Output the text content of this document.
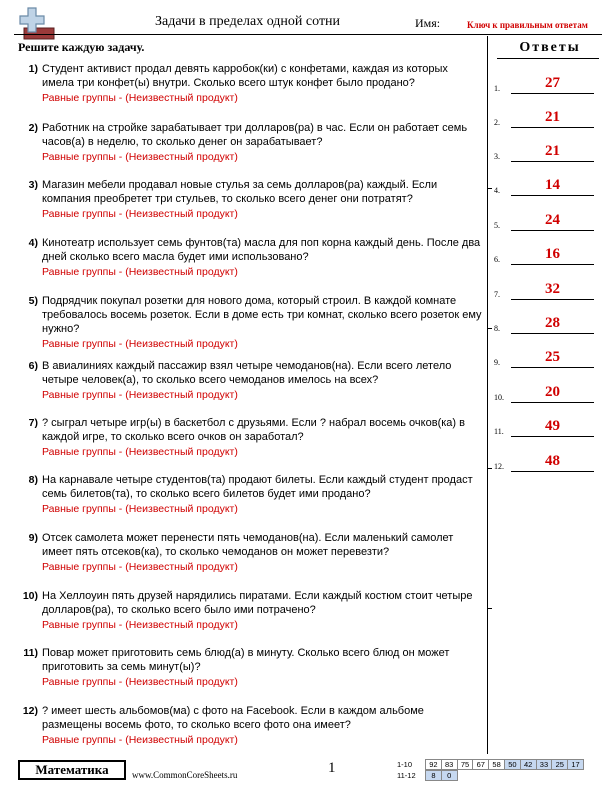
Задачи в пределах одной сотни	Имя:	Ключ к правильным ответам
Решите каждую задачу.
1) Студент активист продал девять карробок(ки) с конфетами, каждая из которых имела три конфет(ы) внутри. Сколько всего штук конфет было продано?
Равные группы - (Неизвестный продукт)
2) Работник на стройке зарабатывает три долларов(ра) в час. Если он работает семь часов(а) в неделю, то сколько денег он зарабатывает?
Равные группы - (Неизвестный продукт)
3) Магазин мебели продавал новые стулья за семь долларов(ра) каждый. Если компания преобретет три стульев, то сколько всего денег они потратят?
Равные группы - (Неизвестный продукт)
4) Кинотеатр использует семь фунтов(та) масла для поп корна каждый день. После два дней сколько всего масла будет ими использовано?
Равные группы - (Неизвестный продукт)
5) Подрядчик покупал розетки для нового дома, который строил. В каждой комнате требовалось восемь розеток. Если в доме есть три комнат, сколько всего розеток ему нужно?
Равные группы - (Неизвестный продукт)
6) В авиалиниях каждый пассажир взял четыре чемоданов(на). Если всего летело четыре человек(а), то сколько всего чемоданов имелось на всех?
Равные группы - (Неизвестный продукт)
7) ? сыграл четыре игр(ы) в баскетбол с друзьями. Если ? набрал восемь очков(ка) в каждой игре, то сколько всего очков он заработал?
Равные группы - (Неизвестный продукт)
8) На карнавале четыре студентов(та) продают билеты. Если каждый студент продаст семь билетов(та), то сколько всего билетов будет ими продано?
Равные группы - (Неизвестный продукт)
9) Отсек самолета может перенести пять чемоданов(на). Если маленький самолет имеет пять отсеков(ка), то сколько чемоданов он может перевезти?
Равные группы - (Неизвестный продукт)
10) На Хеллоуин пять друзей нарядились пиратами. Если каждый костюм стоит четыре долларов(ра), то сколько всего было ими потрачено?
Равные группы - (Неизвестный продукт)
11) Повар может приготовить семь блюд(а) в минуту. Сколько всего блюд он может приготовить за семь минут(ы)?
Равные группы - (Неизвестный продукт)
12) ? имеет шесть альбомов(ма) с фото на Facebook. Если в каждом альбоме размещены восемь фото, то сколько всего фото она имеет?
Равные группы - (Неизвестный продукт)
Ответы
1.	27
2.	21
3.	21
4.	14
5.	24
6.	16
7.	32
8.	28
9.	25
10.	20
11.	49
12.	48
Математика	www.CommonCoreSheets.ru	1	1-10	92 83 75 67 58 50 42 33 25 17
11-12	8	0
